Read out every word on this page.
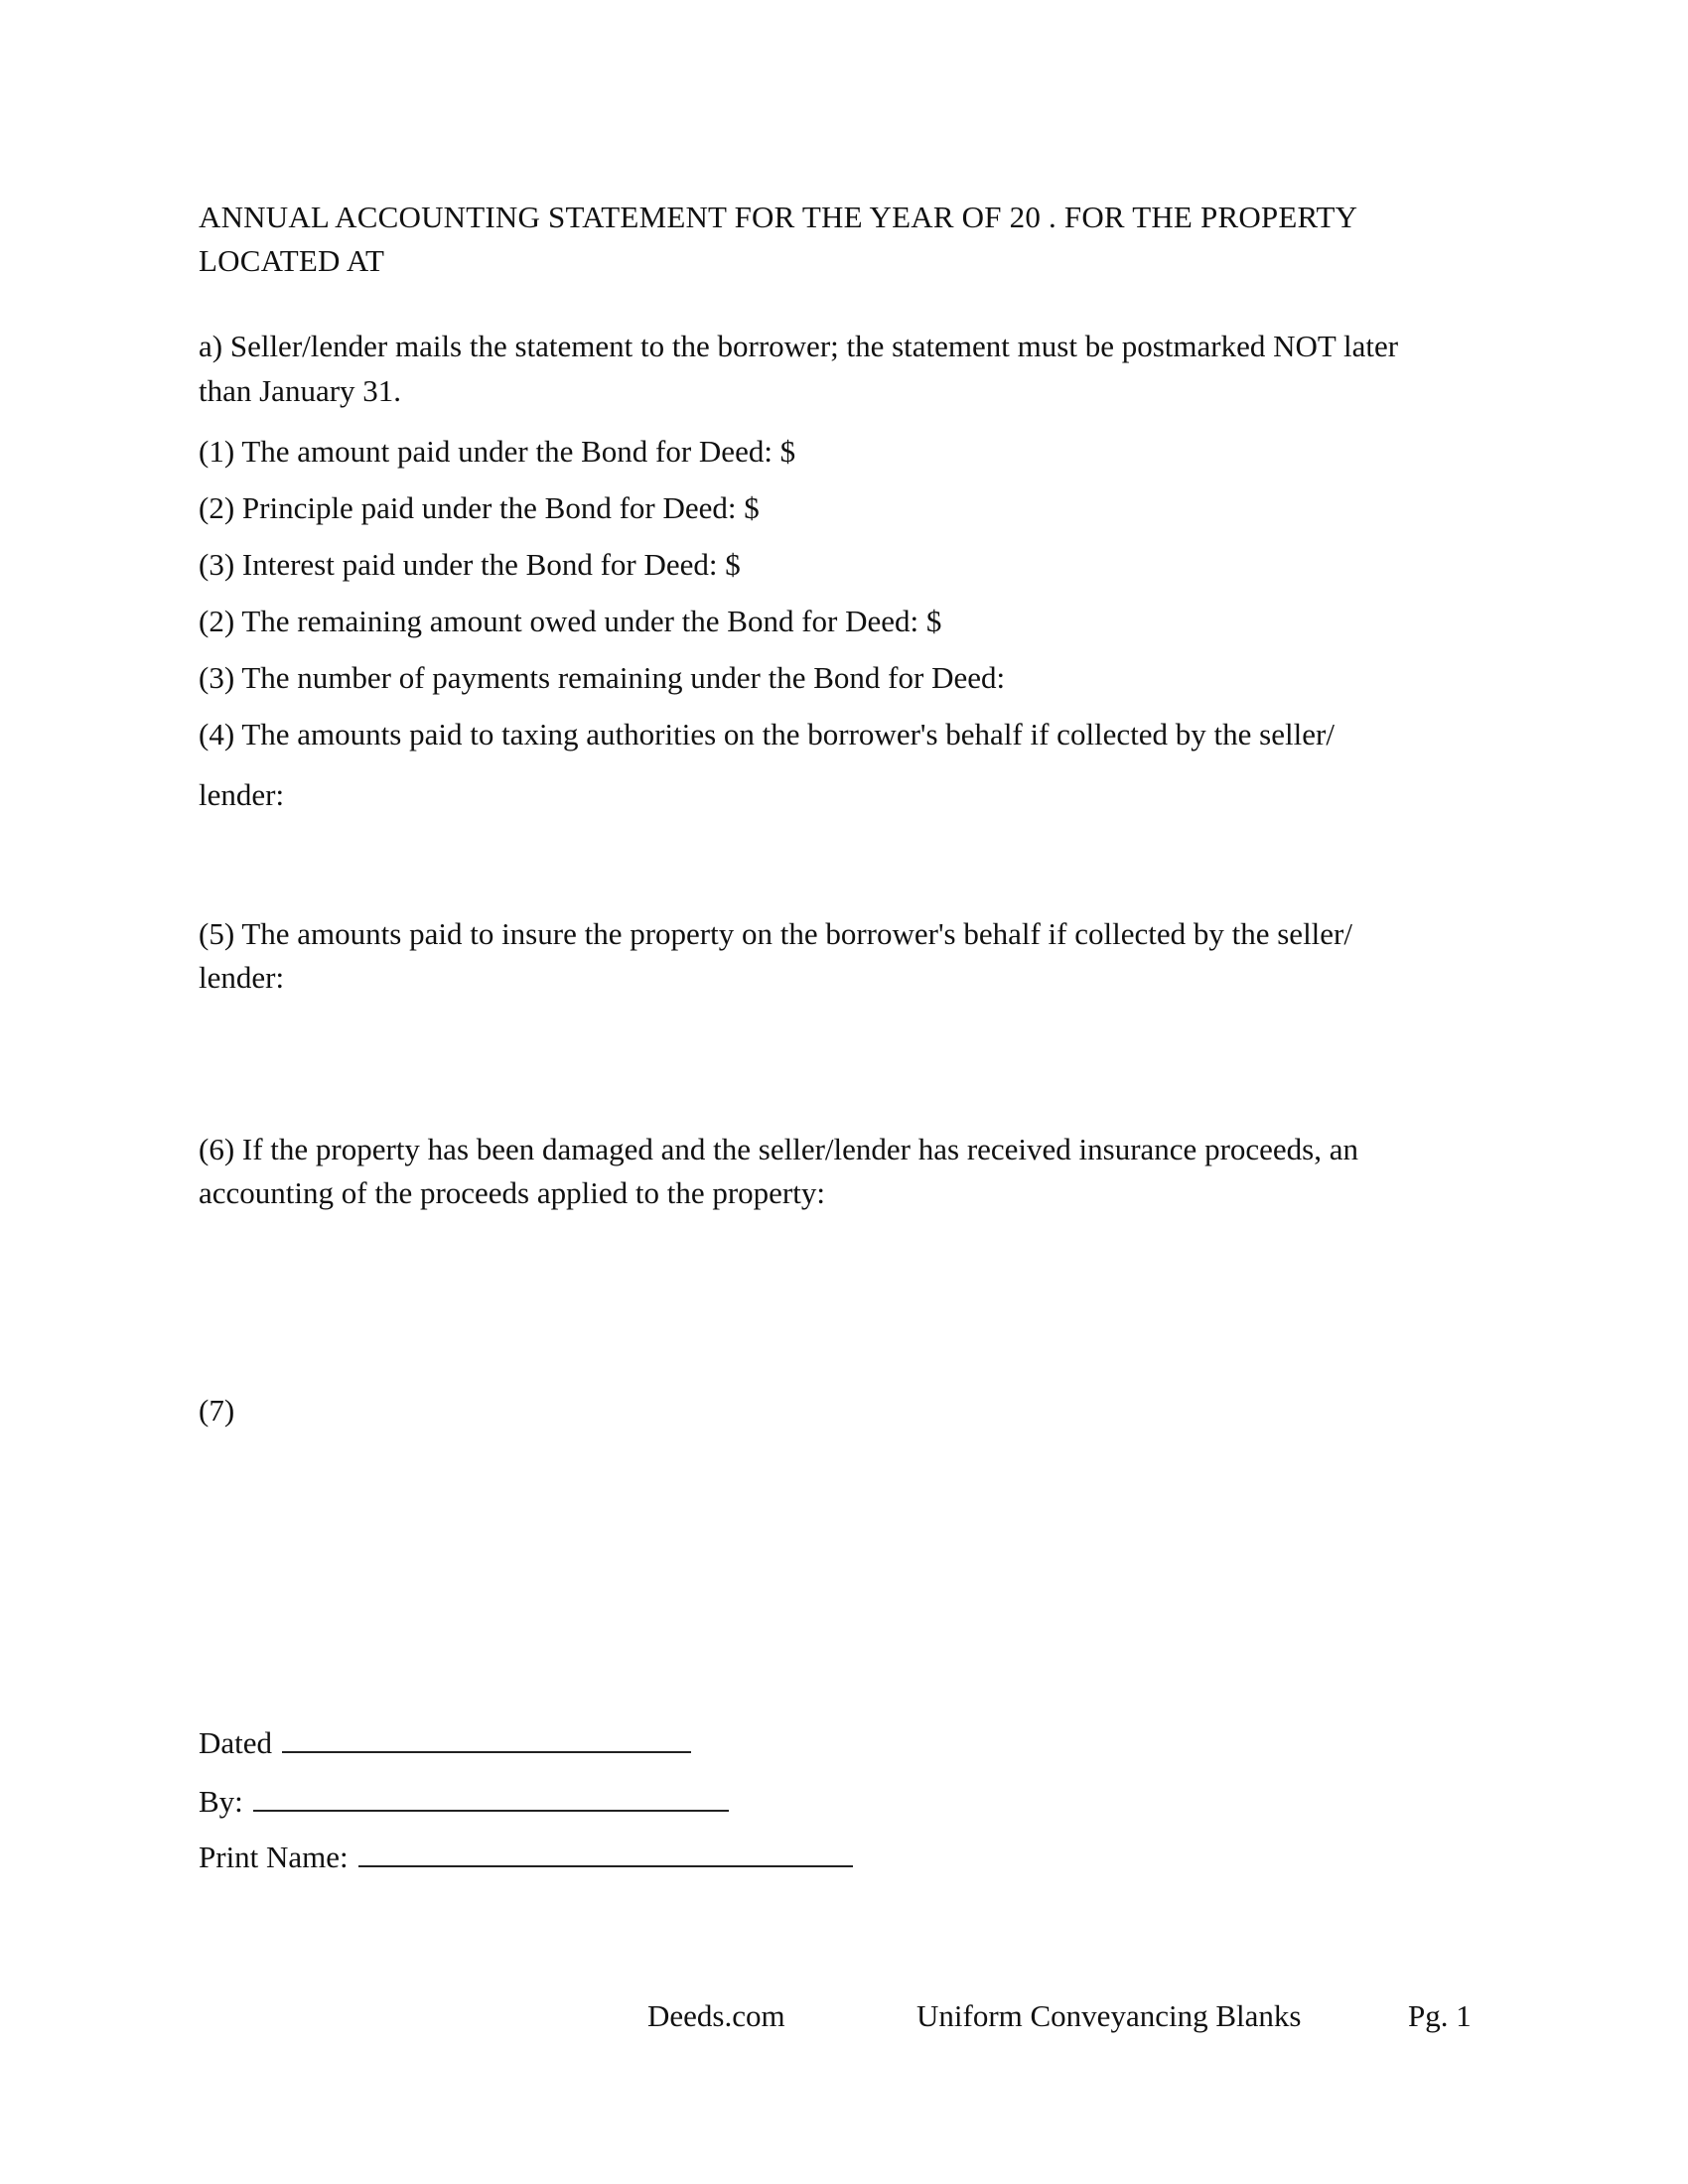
ANNUAL ACCOUNTING STATEMENT FOR THE YEAR OF 20 . FOR THE PROPERTY
LOCATED AT
a) Seller/lender mails the statement to the borrower; the statement must be postmarked NOT later
than January 31.
(1) The amount paid under the Bond for Deed: $
(2) Principle paid under the Bond for Deed: $
(3) Interest paid under the Bond for Deed: $
(2) The remaining amount owed under the Bond for Deed: $
(3) The number of payments remaining under the Bond for Deed:
(4) The amounts paid to taxing authorities on the borrower's behalf if collected by the seller/
lender:
(5) The amounts paid to insure the property on the borrower's behalf if collected by the seller/
lender:
(6) If the property has been damaged and the seller/lender has received insurance proceeds, an
accounting of the proceeds applied to the property:
(7)
Dated
By:
Print Name:
Deeds.com	Uniform Conveyancing Blanks	Pg. 1
